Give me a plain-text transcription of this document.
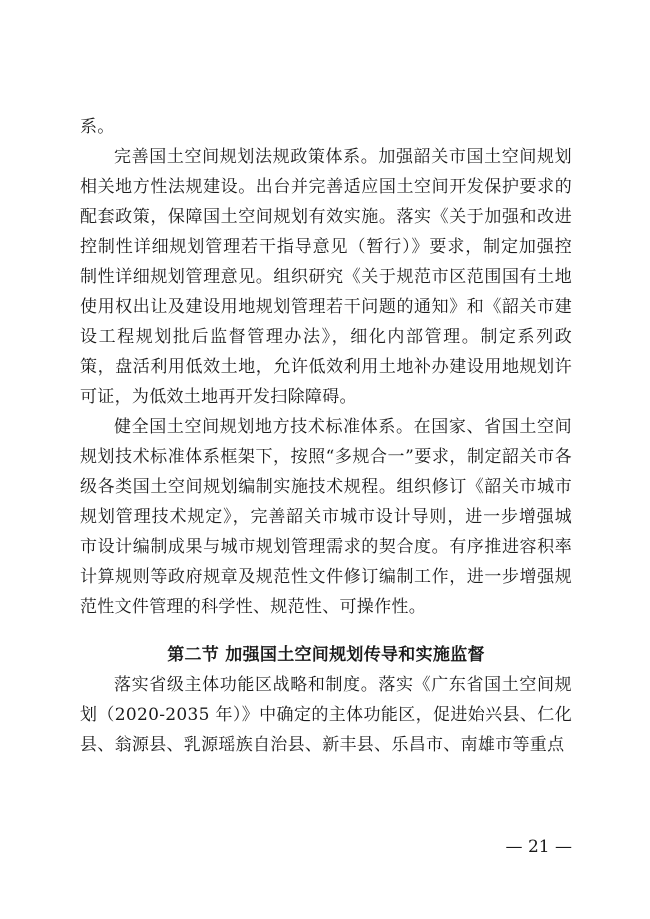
系。

完善国土空间规划法规政策体系。加强韶关市国土空间规划相关地方性法规建设。出台并完善适应国土空间开发保护要求的配套政策，保障国土空间规划有效实施。落实《关于加强和改进控制性详细规划管理若干指导意见（暂行）》要求，制定加强控制性详细规划管理意见。组织研究《关于规范市区范围国有土地使用权出让及建设用地规划管理若干问题的通知》和《韶关市建设工程规划批后监督管理办法》，细化内部管理。制定系列政策，盘活利用低效土地，允许低效利用土地补办建设用地规划许可证，为低效土地再开发扫除障碍。

健全国土空间规划地方技术标准体系。在国家、省国土空间规划技术标准体系框架下，按照“多规合一”要求，制定韶关市各级各类国土空间规划编制实施技术规程。组织修订《韶关市城市规划管理技术规定》，完善韶关市城市设计导则，进一步增强城市设计编制成果与城市规划管理需求的契合度。有序推进容积率计算规则等政府规章及规范性文件修订编制工作，进一步增强规范性文件管理的科学性、规范性、可操作性。

第二节 加强国土空间规划传导和实施监督

落实省级主体功能区战略和制度。落实《广东省国土空间规划（2020-2035 年）》中确定的主体功能区，促进始兴县、仁化县、翁源县、乳源瑶族自治县、新丰县、乐昌市、南雄市等重点

— 21 —
